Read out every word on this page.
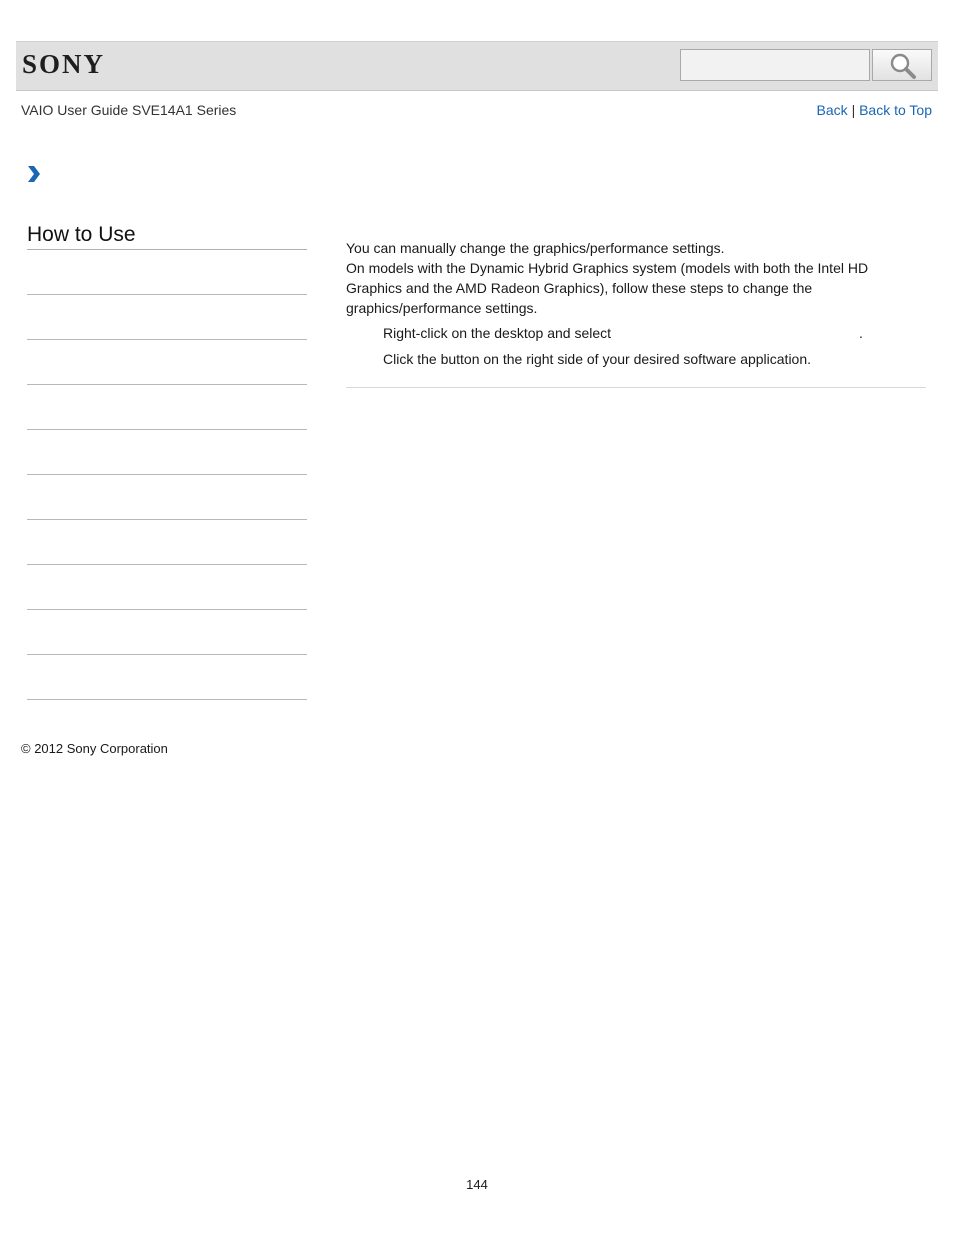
SONY
VAIO User Guide SVE14A1 Series	Back | Back to Top
How to Use

You can manually change the graphics/performance settings.

On models with the Dynamic Hybrid Graphics system (models with both the Intel HD Graphics and the AMD Radeon Graphics), follow these steps to change the graphics/performance settings.

Right-click on the desktop and select	.
Click the button on the right side of your desired software application.
© 2012 Sony Corporation
144
